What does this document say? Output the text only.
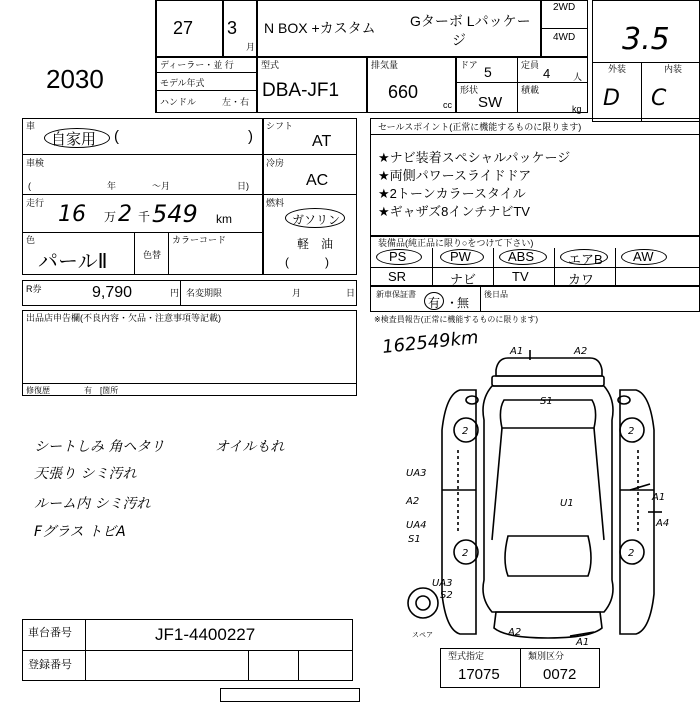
2030
27 3
月
N BOX +カスタム Gターボ Lパッケー
ジ
2WD
4WD 3.5
外装	内装
D C
ディーラー・並 行
モデル年式
ハンドル	左・右
型式
DBA-JF1
排気量
660
cc
ドア 5	定員
4	人
形状
SW
積載
kg
車
自家用 (	)
車検
(	年	〜月	日)
走行 16 万 2 千 549 km
色
パールⅡ	色替
カラーコード
シフト
AT
冷房
AC
燃料
ガソリン
軽　油
(　　　)
R券	9,790	円 名変期限	月	日
出品店申告欄(不良内容・欠品・注意事項等記載)
修復歴	有　[箇所
セールスポイント(正常に機能するものに限ります)
★ナビ装着スペシャルパッケージ
★両側パワースライドドア
★2トーンカラースタイル
★ギャザズ8インチナビTV
装備品(純正品に限り○をつけて下さい)
PS	PW	ABS	エアB AW
SR	ナビ	TV	カワ
新車保証書
有 ・
無
後日品
※検査員報告(正常に機能するものに限ります)
162549km
シートしみ 角ヘタリ
天張り シミ汚れ
ルーム内 シミ汚れ
Fグラス トビA
オイルもれ
A1	A2
S1
2	2
UA3
A2
UA4
S1
U1
A1
A4
2	2
UA3
S2
A2
A1
スペア
車台番号	JF1-4400227
登録番号
型式指定
17075
類別区分
0072
